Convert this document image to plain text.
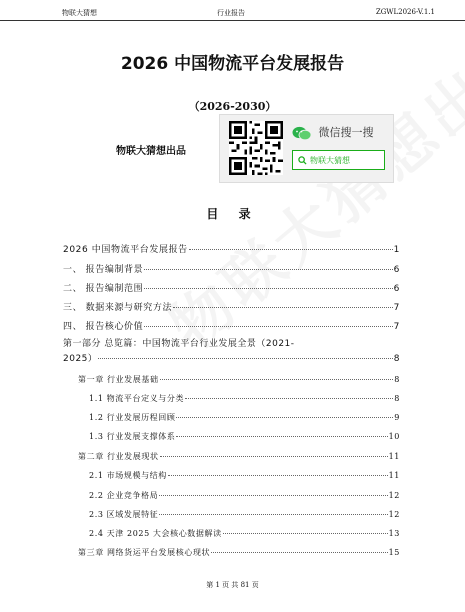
物联大猜想	行业报告	ZGWL2026-V.1.1
2026 中国物流平台发展报告
（2026-2030）
物联大猜想出品
微信搜一搜
物联大猜想
目 录
2026 中国物流平台发展报告	1
一、 报告编制背景	6
二、 报告编制范围	6
三、 数据来源与研究方法	7
四、 报告核心价值	7
第一部分 总览篇：中国物流平台行业发展全景（2021-
2025）	8
第一章 行业发展基础	8
1.1 物流平台定义与分类	8
1.2 行业发展历程回顾	9
1.3 行业发展支撑体系	10
第二章 行业发展现状	11
2.1 市场规模与结构	11
2.2 企业竞争格局	12
2.3 区域发展特征	12
2.4 天津 2025 大会核心数据解读	13
第三章 网络货运平台发展核心现状	15
第 1 页 共 81 页
